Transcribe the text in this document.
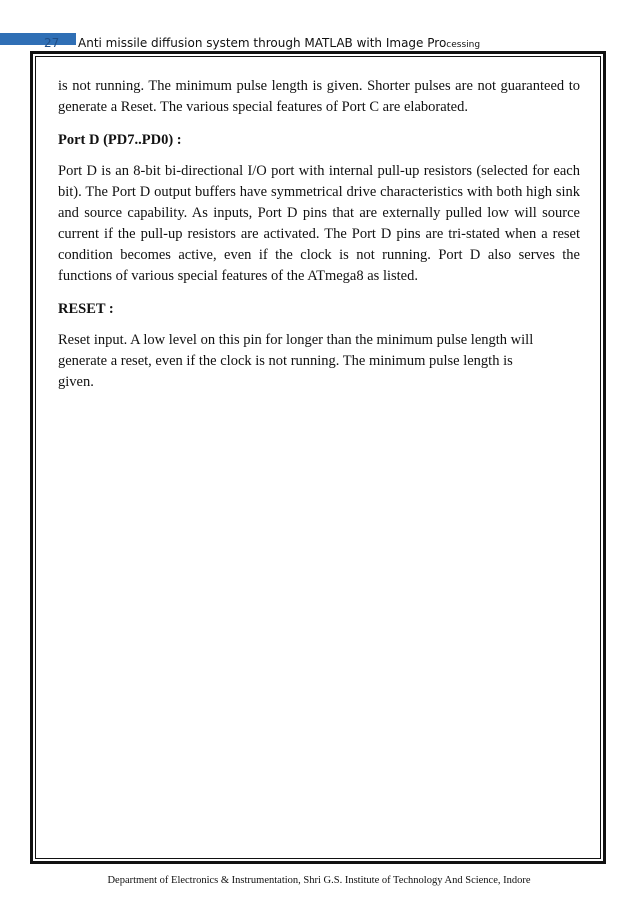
27 Anti missile diffusion system through MATLAB with Image Processing

is not running. The minimum pulse length is given. Shorter pulses are not guaranteed to generate a Reset. The various special features of Port C are elaborated.

Port D (PD7..PD0) :

Port D is an 8-bit bi-directional I/O port with internal pull-up resistors (selected for each bit). The Port D output buffers have symmetrical drive characteristics with both high sink and source capability. As inputs, Port D pins that are externally pulled low will source current if the pull-up resistors are activated. The Port D pins are tri-stated when a reset condition becomes active, even if the clock is not running. Port D also serves the functions of various special features of the ATmega8 as listed.

RESET :

Reset input. A low level on this pin for longer than the minimum pulse length will generate a reset, even if the clock is not running. The minimum pulse length is given.

Department of Electronics & Instrumentation, Shri G.S. Institute of Technology And Science, Indore
